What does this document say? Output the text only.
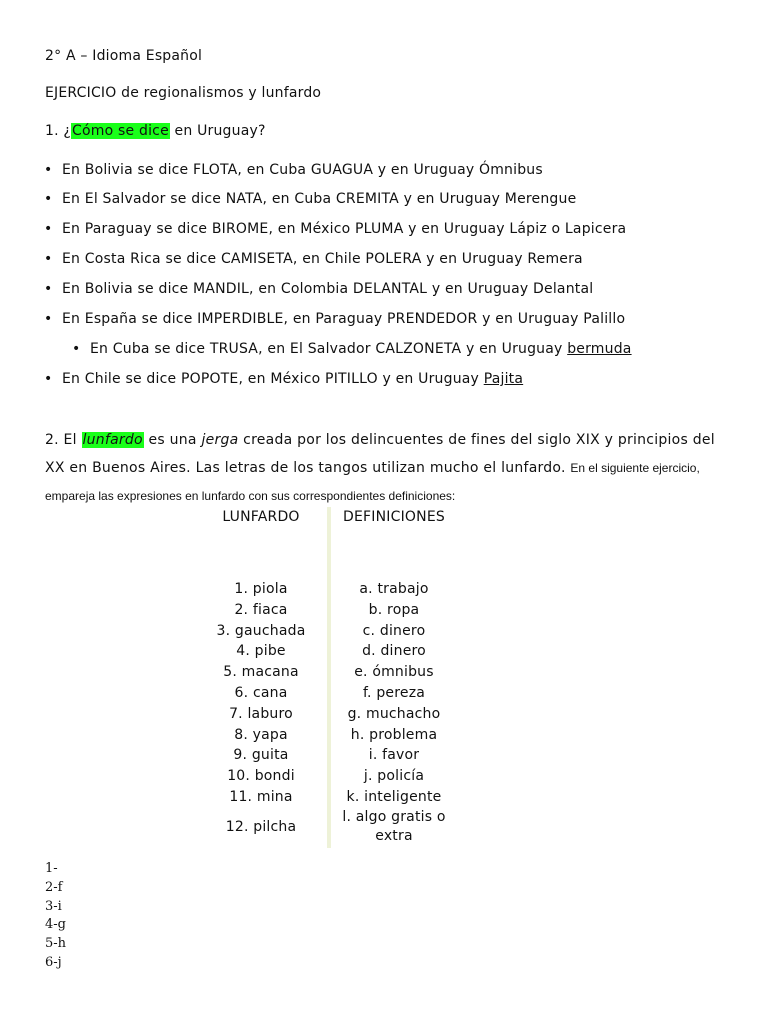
2° A – Idioma Español
EJERCICIO de regionalismos y lunfardo
1. ¿Cómo se dice en Uruguay?
• En Bolivia se dice FLOTA, en Cuba GUAGUA y en Uruguay Ómnibus
• En El Salvador se dice NATA, en Cuba CREMITA y en Uruguay Merengue
• En Paraguay se dice BIROME, en México PLUMA y en Uruguay Lápiz o Lapicera
• En Costa Rica se dice CAMISETA, en Chile POLERA y en Uruguay Remera
• En Bolivia se dice MANDIL, en Colombia DELANTAL y en Uruguay Delantal
• En España se dice IMPERDIBLE, en Paraguay PRENDEDOR y en Uruguay Palillo
• En Cuba se dice TRUSA, en El Salvador CALZONETA y en Uruguay bermuda
• En Chile se dice POPOTE, en México PITILLO y en Uruguay Pajita
2. El lunfardo es una jerga creada por los delincuentes de fines del siglo XIX y principios del XX en Buenos Aires. Las letras de los tangos utilizan mucho el lunfardo. En el siguiente ejercicio, empareja las expresiones en lunfardo con sus correspondientes definiciones:
LUNFARDO	DEFINICIONES

1. piola	a. trabajo
2. fiaca	b. ropa
3. gauchada	c. dinero
4. pibe	d. dinero
5. macana	e. ómnibus
6. cana	f. pereza
7. laburo	g. muchacho
8. yapa	h. problema
9. guita	i. favor
10. bondi	j. policía
11. mina	k. inteligente
12. pilcha	l. algo gratis o extra
1-
2-f
3-i
4-g
5-h
6-j
